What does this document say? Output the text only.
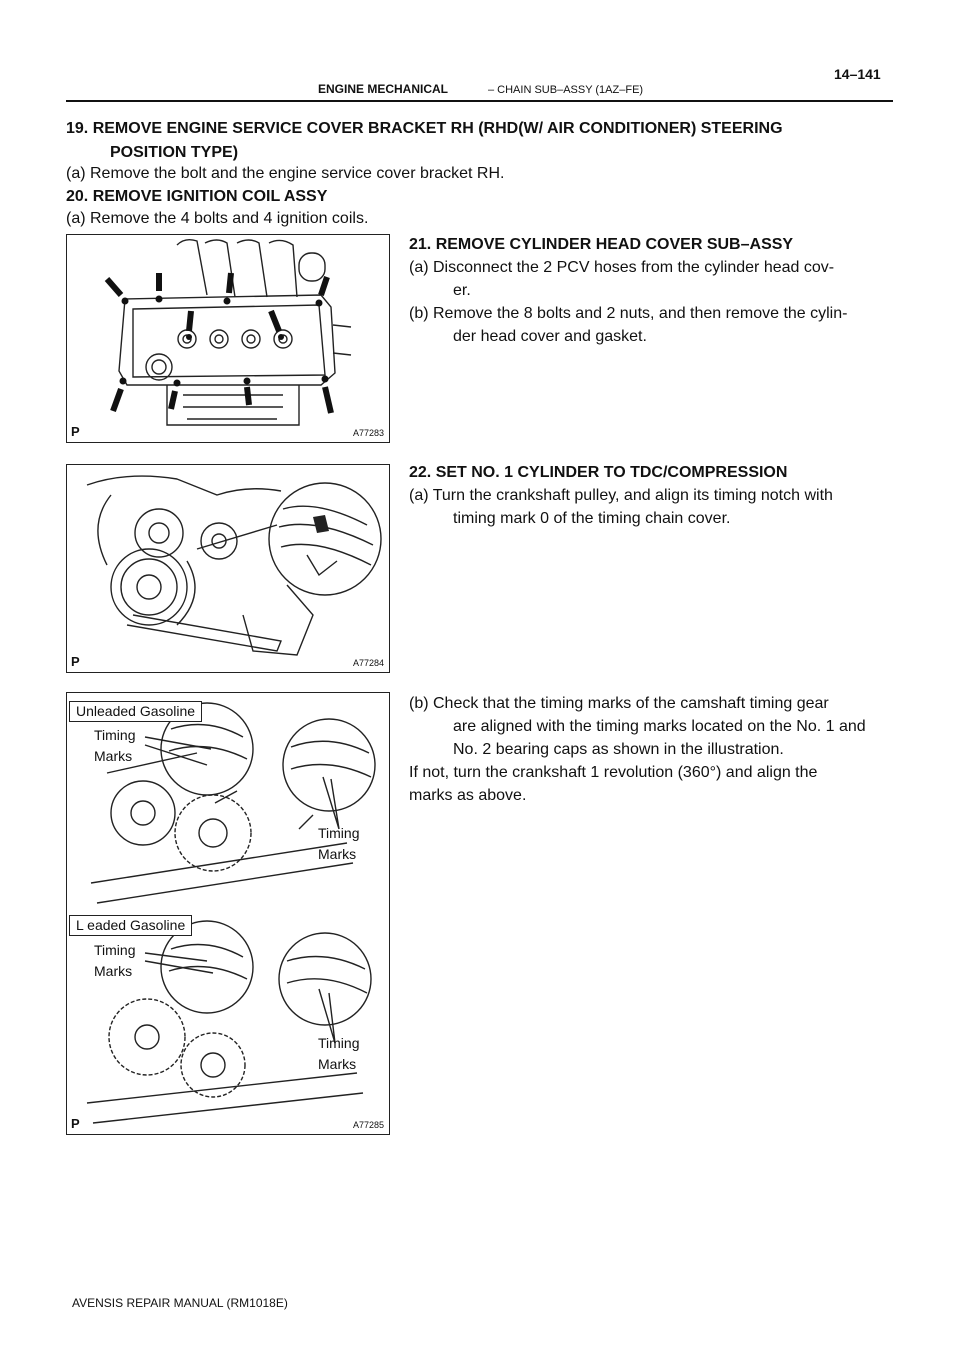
14–141
ENGINE MECHANICAL	– CHAIN SUB–ASSY (1AZ–FE)
19. REMOVE ENGINE SERVICE COVER BRACKET RH (RHD(W/ AIR CONDITIONER) STEERING
POSITION TYPE)
(a) Remove the bolt and the engine service cover bracket RH.
20. REMOVE IGNITION COIL ASSY
(a) Remove the 4 bolts and 4 ignition coils.
21. REMOVE CYLINDER HEAD COVER SUB–ASSY
(a) Disconnect the 2 PCV hoses from the cylinder head cov-
er.
(b) Remove the 8 bolts and 2 nuts, and then remove the cylin-
der head cover and gasket.
22. SET NO. 1 CYLINDER TO TDC/COMPRESSION
(a) Turn the crankshaft pulley, and align its timing notch with
timing mark 0 of the timing chain cover.
(b) Check that the timing marks of the camshaft timing gear
are aligned with the timing marks located on the No. 1 and
No. 2 bearing caps as shown in the illustration.
If not, turn the crankshaft 1 revolution (360°) and align the
marks as above.
P	A77283
P	A77284
Unleaded Gasoline
L eaded Gasoline
Timing
Marks
Timing
Marks
Timing
Marks
Timing
Marks
P	A77285
AVENSIS REPAIR MANUAL (RM1018E)
